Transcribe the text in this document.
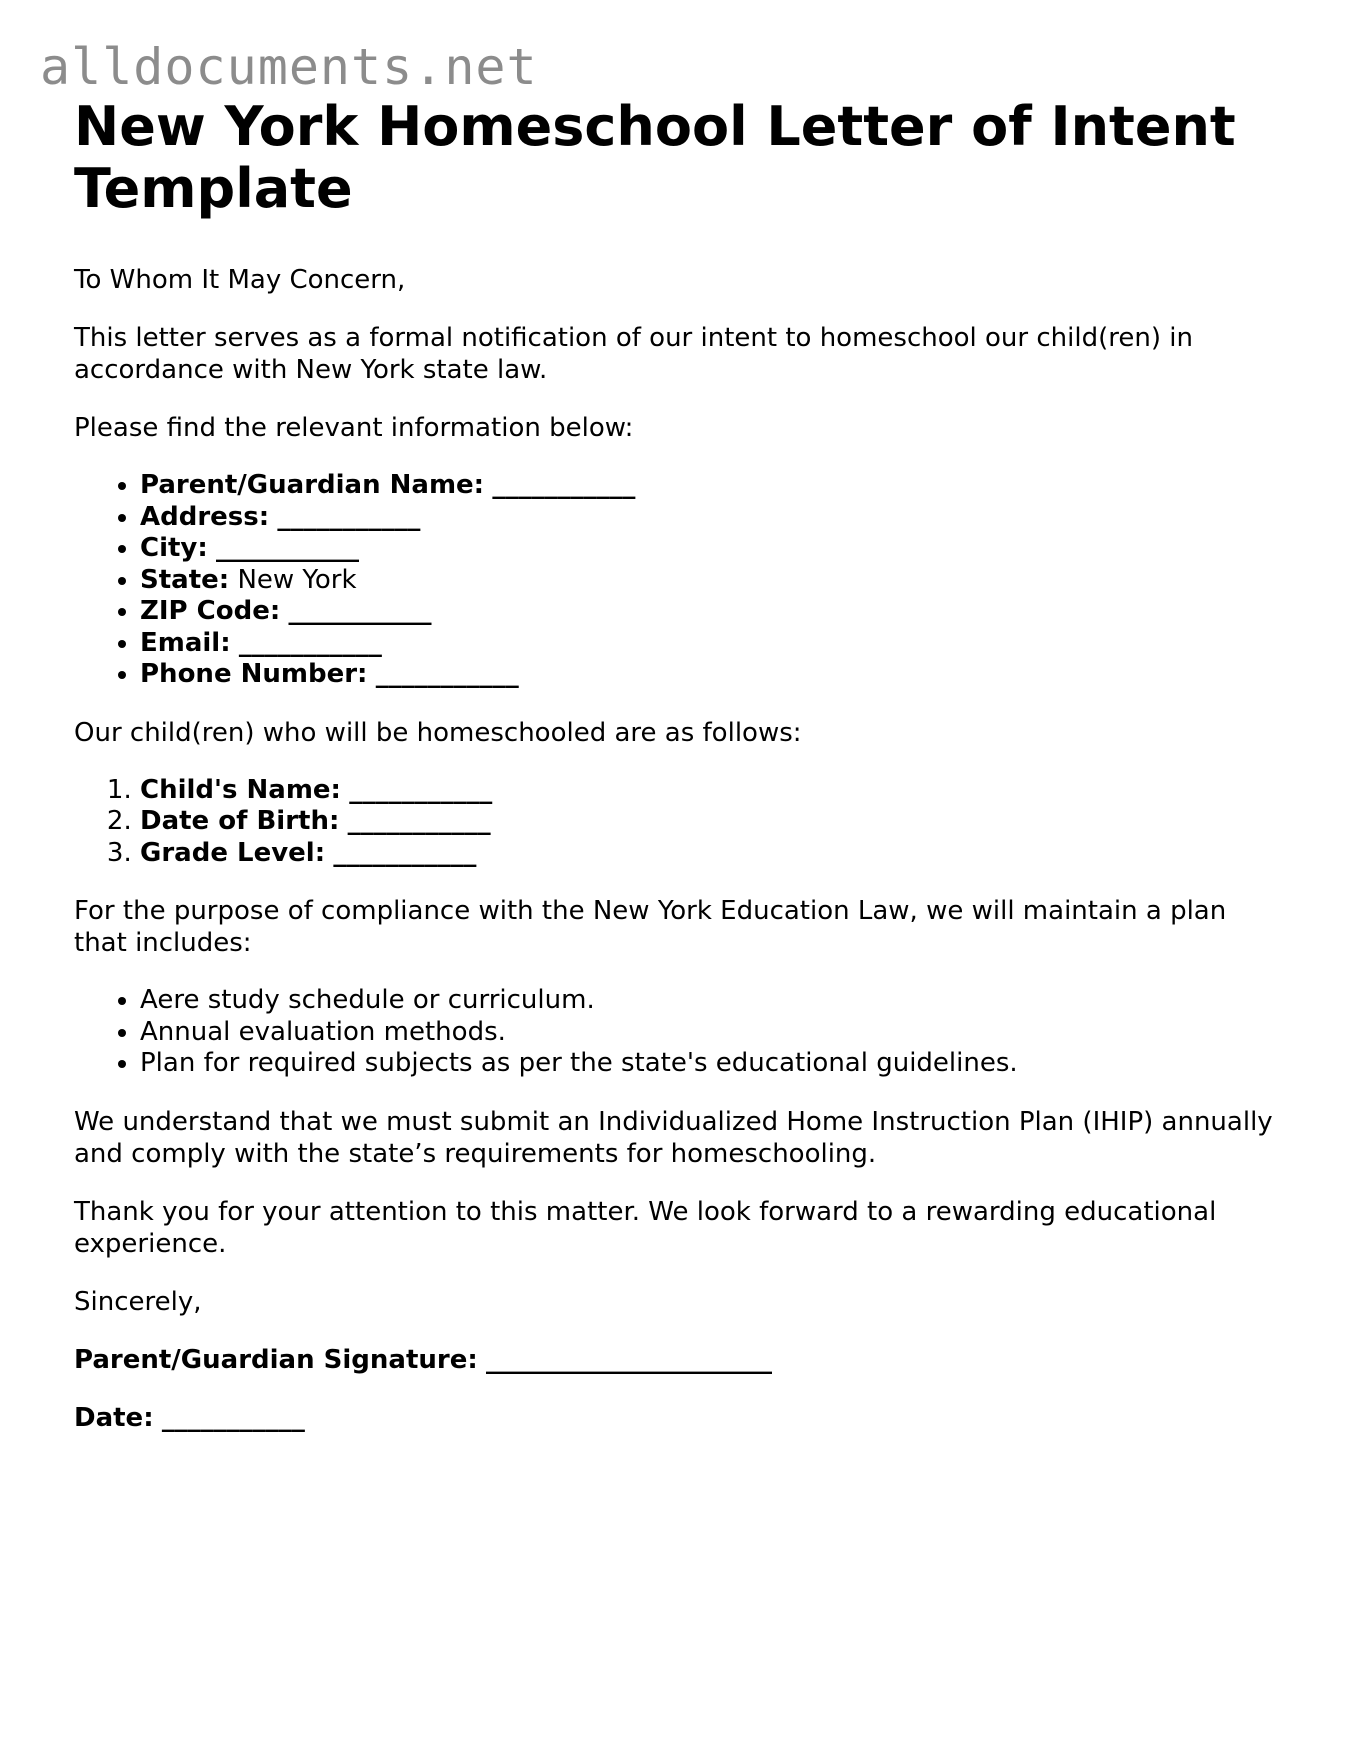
alldocuments.net
New York Homeschool Letter of Intent Template

To Whom It May Concern,

This letter serves as a formal notification of our intent to homeschool our child(ren) in accordance with New York state law.

Please find the relevant information below:

• Parent/Guardian Name: ___________
• Address: ___________
• City: ___________
• State: New York
• ZIP Code: ___________
• Email: ___________
• Phone Number: ___________

Our child(ren) who will be homeschooled are as follows:

1. Child's Name: ___________
2. Date of Birth: ___________
3. Grade Level: ___________

For the purpose of compliance with the New York Education Law, we will maintain a plan that includes:

• Aere study schedule or curriculum.
• Annual evaluation methods.
• Plan for required subjects as per the state's educational guidelines.

We understand that we must submit an Individualized Home Instruction Plan (IHIP) annually and comply with the state’s requirements for homeschooling.

Thank you for your attention to this matter. We look forward to a rewarding educational experience.

Sincerely,

Parent/Guardian Signature: ______________________

Date: ___________
